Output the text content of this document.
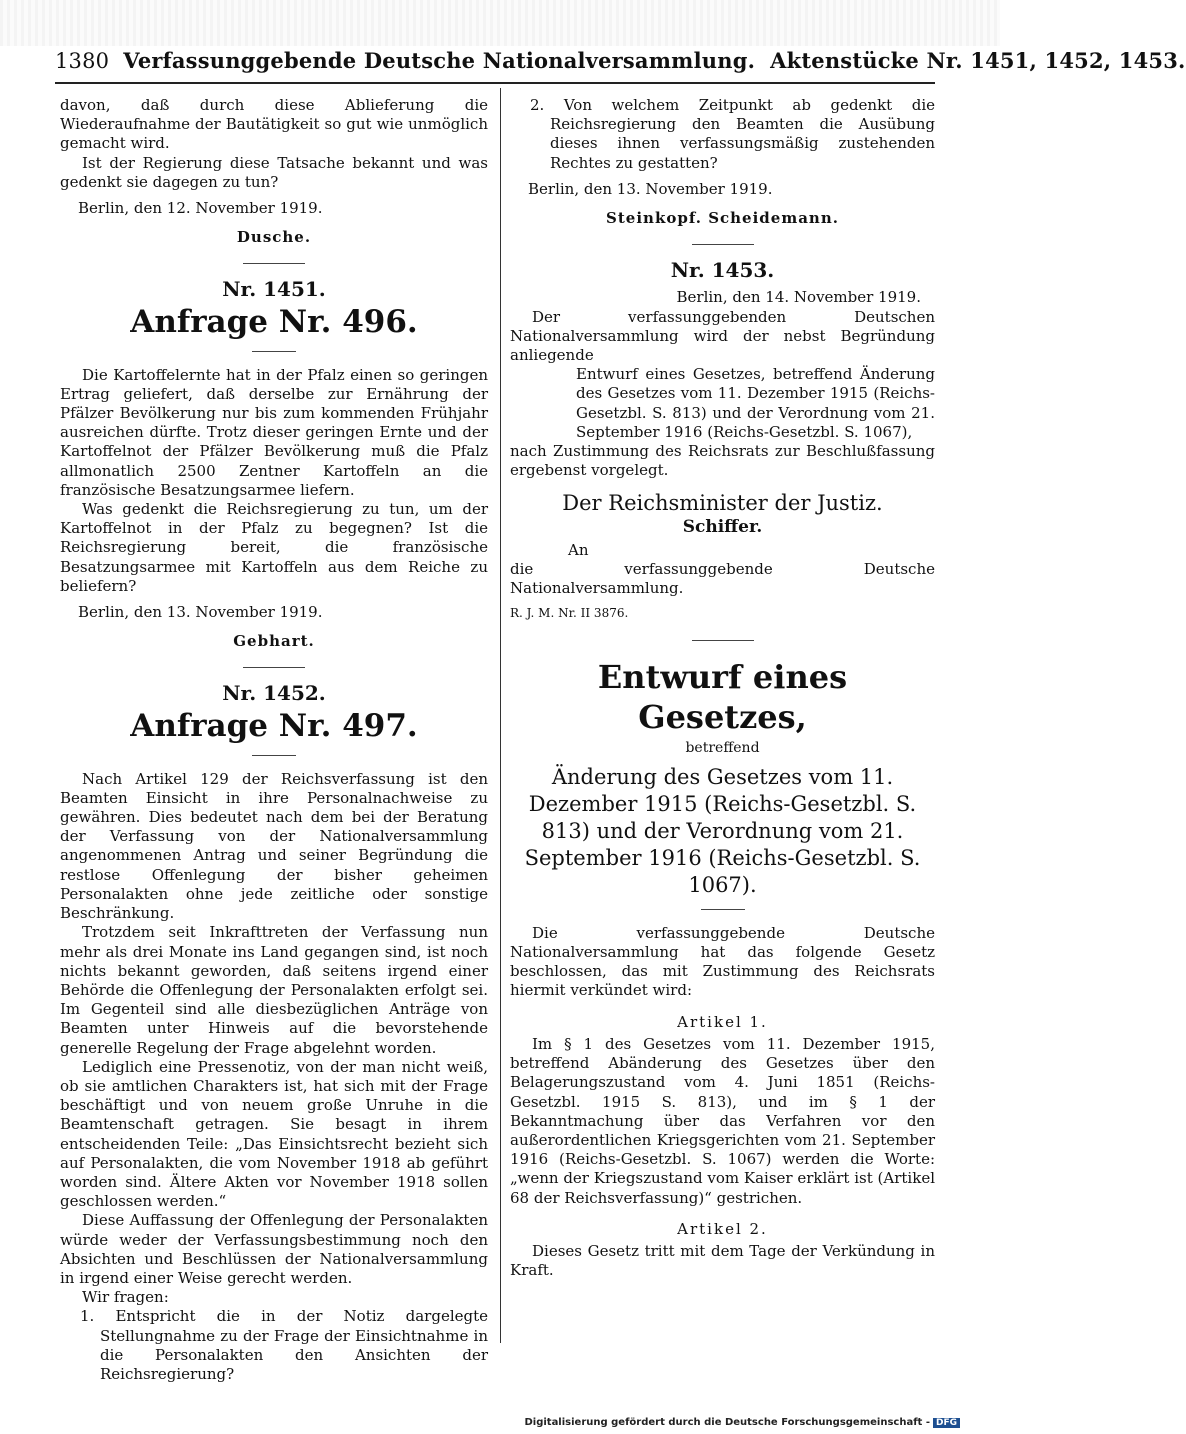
1380 Verfassunggebende Deutsche Nationalversammlung. Aktenstücke Nr. 1451, 1452, 1453.

davon, daß durch diese Ablieferung die Wiederaufnahme der Bautätigkeit so gut wie unmöglich gemacht wird.

Ist der Regierung diese Tatsache bekannt und was gedenkt sie dagegen zu tun?

Berlin, den 12. November 1919.

Dusche.
Nr. 1451.
Anfrage Nr. 496.

Die Kartoffelernte hat in der Pfalz einen so geringen Ertrag geliefert, daß derselbe zur Ernährung der Pfälzer Bevölkerung nur bis zum kommenden Frühjahr ausreichen dürfte. Trotz dieser geringen Ernte und der Kartoffelnot der Pfälzer Bevölkerung muß die Pfalz allmonatlich 2500 Zentner Kartoffeln an die französische Besatzungsarmee liefern.

Was gedenkt die Reichsregierung zu tun, um der Kartoffelnot in der Pfalz zu begegnen? Ist die Reichsregierung bereit, die französische Besatzungsarmee mit Kartoffeln aus dem Reiche zu beliefern?

Berlin, den 13. November 1919.

Gebhart.
Nr. 1452.
Anfrage Nr. 497.

Nach Artikel 129 der Reichsverfassung ist den Beamten Einsicht in ihre Personalnachweise zu gewähren. Dies bedeutet nach dem bei der Beratung der Verfassung von der Nationalversammlung angenommenen Antrag und seiner Begründung die restlose Offenlegung der bisher geheimen Personalakten ohne jede zeitliche oder sonstige Beschränkung.

Trotzdem seit Inkrafttreten der Verfassung nun mehr als drei Monate ins Land gegangen sind, ist noch nichts bekannt geworden, daß seitens irgend einer Behörde die Offenlegung der Personalakten erfolgt sei. Im Gegenteil sind alle diesbezüglichen Anträge von Beamten unter Hinweis auf die bevorstehende generelle Regelung der Frage abgelehnt worden.

Lediglich eine Pressenotiz, von der man nicht weiß, ob sie amtlichen Charakters ist, hat sich mit der Frage beschäftigt und von neuem große Unruhe in die Beamtenschaft getragen. Sie besagt in ihrem entscheidenden Teile: „Das Einsichtsrecht bezieht sich auf Personalakten, die vom November 1918 ab geführt worden sind. Ältere Akten vor November 1918 sollen geschlossen werden.“

Diese Auffassung der Offenlegung der Personalakten würde weder der Verfassungsbestimmung noch den Absichten und Beschlüssen der Nationalversammlung in irgend einer Weise gerecht werden.

Wir fragen:

1. Entspricht die in der Notiz dargelegte Stellungnahme zu der Frage der Einsichtnahme in die Personalakten den Ansichten der Reichsregierung?

2. Von welchem Zeitpunkt ab gedenkt die Reichsregierung den Beamten die Ausübung dieses ihnen verfassungsmäßig zustehenden Rechtes zu gestatten?

Berlin, den 13. November 1919.

Steinkopf. Scheidemann.
Nr. 1453.

Berlin, den 14. November 1919.

Der verfassunggebenden Deutschen Nationalversammlung wird der nebst Begründung anliegende

Entwurf eines Gesetzes, betreffend Änderung des Gesetzes vom 11. Dezember 1915 (Reichs-Gesetzbl. S. 813) und der Verordnung vom 21. September 1916 (Reichs-Gesetzbl. S. 1067),

nach Zustimmung des Reichsrats zur Beschlußfassung ergebenst vorgelegt.

Der Reichsminister der Justiz.
Schiffer.

An

die verfassunggebende Deutsche Nationalversammlung.

R. J. M. Nr. II 3876.

Entwurf eines Gesetzes,
betreffend
Änderung des Gesetzes vom 11. Dezember 1915 (Reichs-Gesetzbl. S. 813) und der Verordnung vom 21. September 1916 (Reichs-Gesetzbl. S. 1067).

Die verfassunggebende Deutsche Nationalversammlung hat das folgende Gesetz beschlossen, das mit Zustimmung des Reichsrats hiermit verkündet wird:

Artikel 1.

Im § 1 des Gesetzes vom 11. Dezember 1915, betreffend Abänderung des Gesetzes über den Belagerungszustand vom 4. Juni 1851 (Reichs-Gesetzbl. 1915 S. 813), und im § 1 der Bekanntmachung über das Verfahren vor den außerordentlichen Kriegsgerichten vom 21. September 1916 (Reichs-Gesetzbl. S. 1067) werden die Worte: „wenn der Kriegszustand vom Kaiser erklärt ist (Artikel 68 der Reichsverfassung)“ gestrichen.

Artikel 2.

Dieses Gesetz tritt mit dem Tage der Verkündung in Kraft.

Digitalisierung gefördert durch die Deutsche Forschungsgemeinschaft - DFG
